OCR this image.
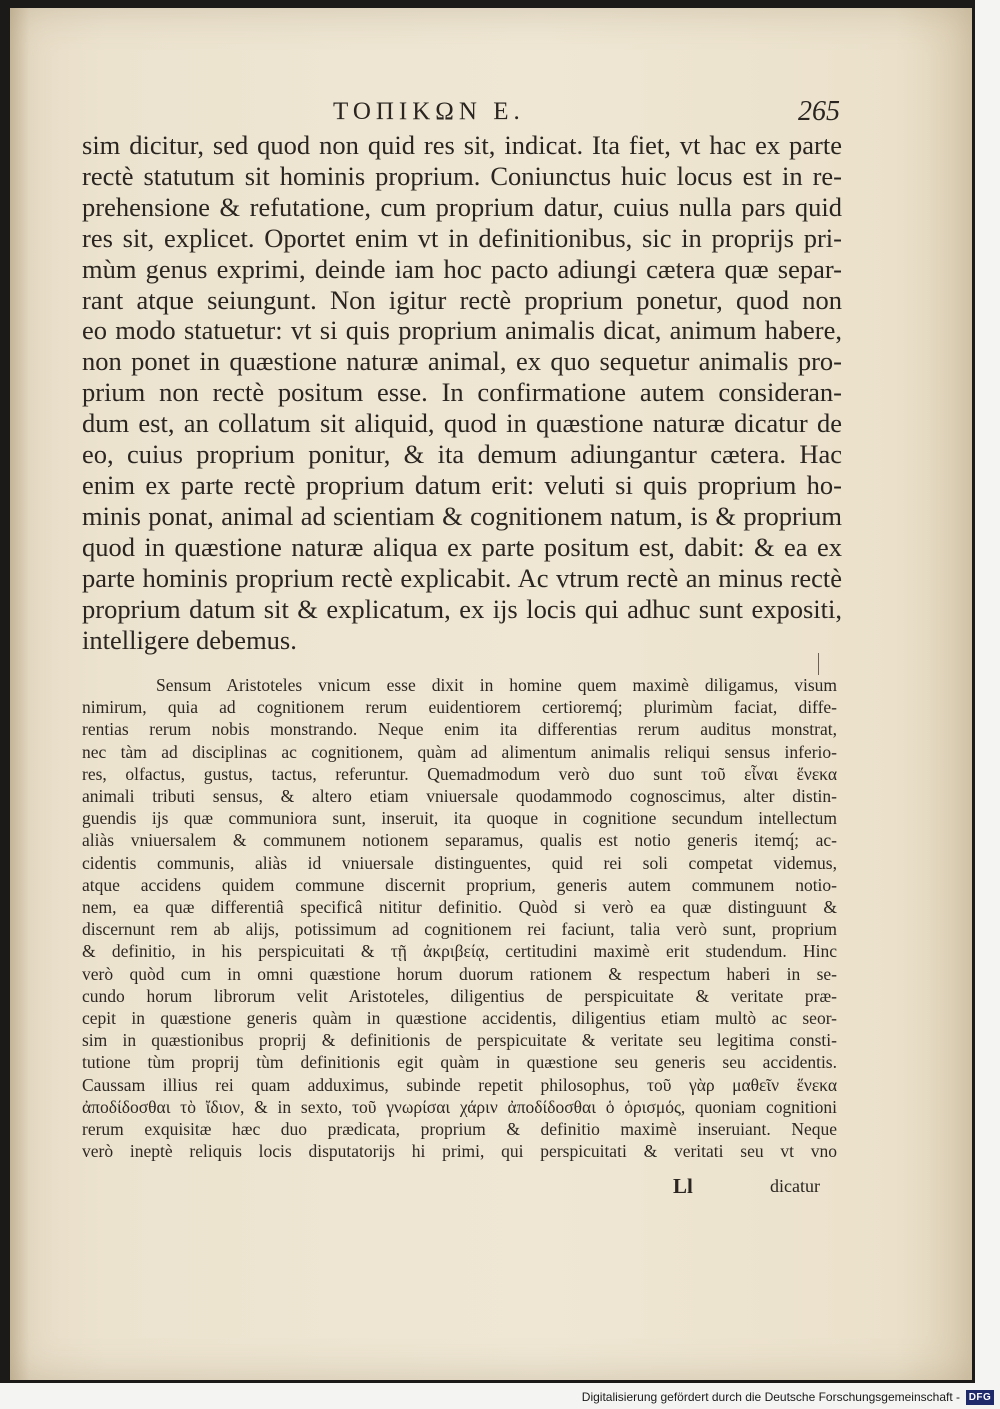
ΤΟΠΙΚΩΝ Ε.	265
sim dicitur, sed quod non quid res sit, indicat. Ita fiet, vt hac ex parte
rectè statutum sit hominis proprium. Coniunctus huic locus est in re-
prehensione & refutatione, cum proprium datur, cuius nulla pars quid
res sit, explicet. Oportet enim vt in definitionibus, sic in proprijs pri-
mùm genus exprimi, deinde iam hoc pacto adiungi cætera quæ separ-
rant atque seiungunt. Non igitur rectè proprium ponetur, quod non
eo modo statuetur: vt si quis proprium animalis dicat, animum habere,
non ponet in quæstione naturæ animal, ex quo sequetur animalis pro-
prium non rectè positum esse. In confirmatione autem consideran-
dum est, an collatum sit aliquid, quod in quæstione naturæ dicatur de
eo, cuius proprium ponitur, & ita demum adiungantur cætera. Hac
enim ex parte rectè proprium datum erit: veluti si quis proprium ho-
minis ponat, animal ad scientiam & cognitionem natum, is & proprium
quod in quæstione naturæ aliqua ex parte positum est, dabit: & ea ex
parte hominis proprium rectè explicabit. Ac vtrum rectè an minus rectè
proprium datum sit & explicatum, ex ijs locis qui adhuc sunt expositi,
intelligere debemus.
Sensum Aristoteles vnicum esse dixit in homine quem maximè diligamus, visum
nimirum, quia ad cognitionem rerum euidentiorem certioremq́; plurimùm faciat, diffe-
rentias rerum nobis monstrando. Neque enim ita differentias rerum auditus monstrat,
nec tàm ad disciplinas ac cognitionem, quàm ad alimentum animalis reliqui sensus inferio-
res, olfactus, gustus, tactus, referuntur. Quemadmodum verò duo sunt τοῦ εἶναι ἕνεκα
animali tributi sensus, & altero etiam vniuersale quodammodo cognoscimus, alter distin-
guendis ijs quæ communiora sunt, inseruit, ita quoque in cognitione secundum intellectum
aliàs vniuersalem & communem notionem separamus, qualis est notio generis itemq́; ac-
cidentis communis, aliàs id vniuersale distinguentes, quid rei soli competat videmus,
atque accidens quidem commune discernit proprium, generis autem communem notio-
nem, ea quæ differentiâ specificâ nititur definitio. Quòd si verò ea quæ distinguunt &
discernunt rem ab alijs, potissimum ad cognitionem rei faciunt, talia verò sunt, proprium
& definitio, in his perspicuitati & τῇ ἀκριβείᾳ, certitudini maximè erit studendum. Hinc
verò quòd cum in omni quæstione horum duorum rationem & respectum haberi in se-
cundo horum librorum velit Aristoteles, diligentius de perspicuitate & veritate præ-
cepit in quæstione generis quàm in quæstione accidentis, diligentius etiam multò ac seor-
sim in quæstionibus proprij & definitionis de perspicuitate & veritate seu legitima consti-
tutione tùm proprij tùm definitionis egit quàm in quæstione seu generis seu accidentis.
Caussam illius rei quam adduximus, subinde repetit philosophus, τοῦ γὰρ μαθεῖν ἕνεκα
ἀποδίδοσθαι τὸ ἴδιον, & in sexto, τοῦ γνωρίσαι χάριν ἀποδίδοσθαι ὁ ὁρισμός, quoniam cognitioni
rerum exquisitæ hæc duo prædicata, proprium & definitio maximè inseruiant. Neque
verò ineptè reliquis locis disputatorijs hi primi, qui perspicuitati & veritati seu vt vno
Ll	dicatur
Digitalisierung gefördert durch die Deutsche Forschungsgemeinschaft - DFG
